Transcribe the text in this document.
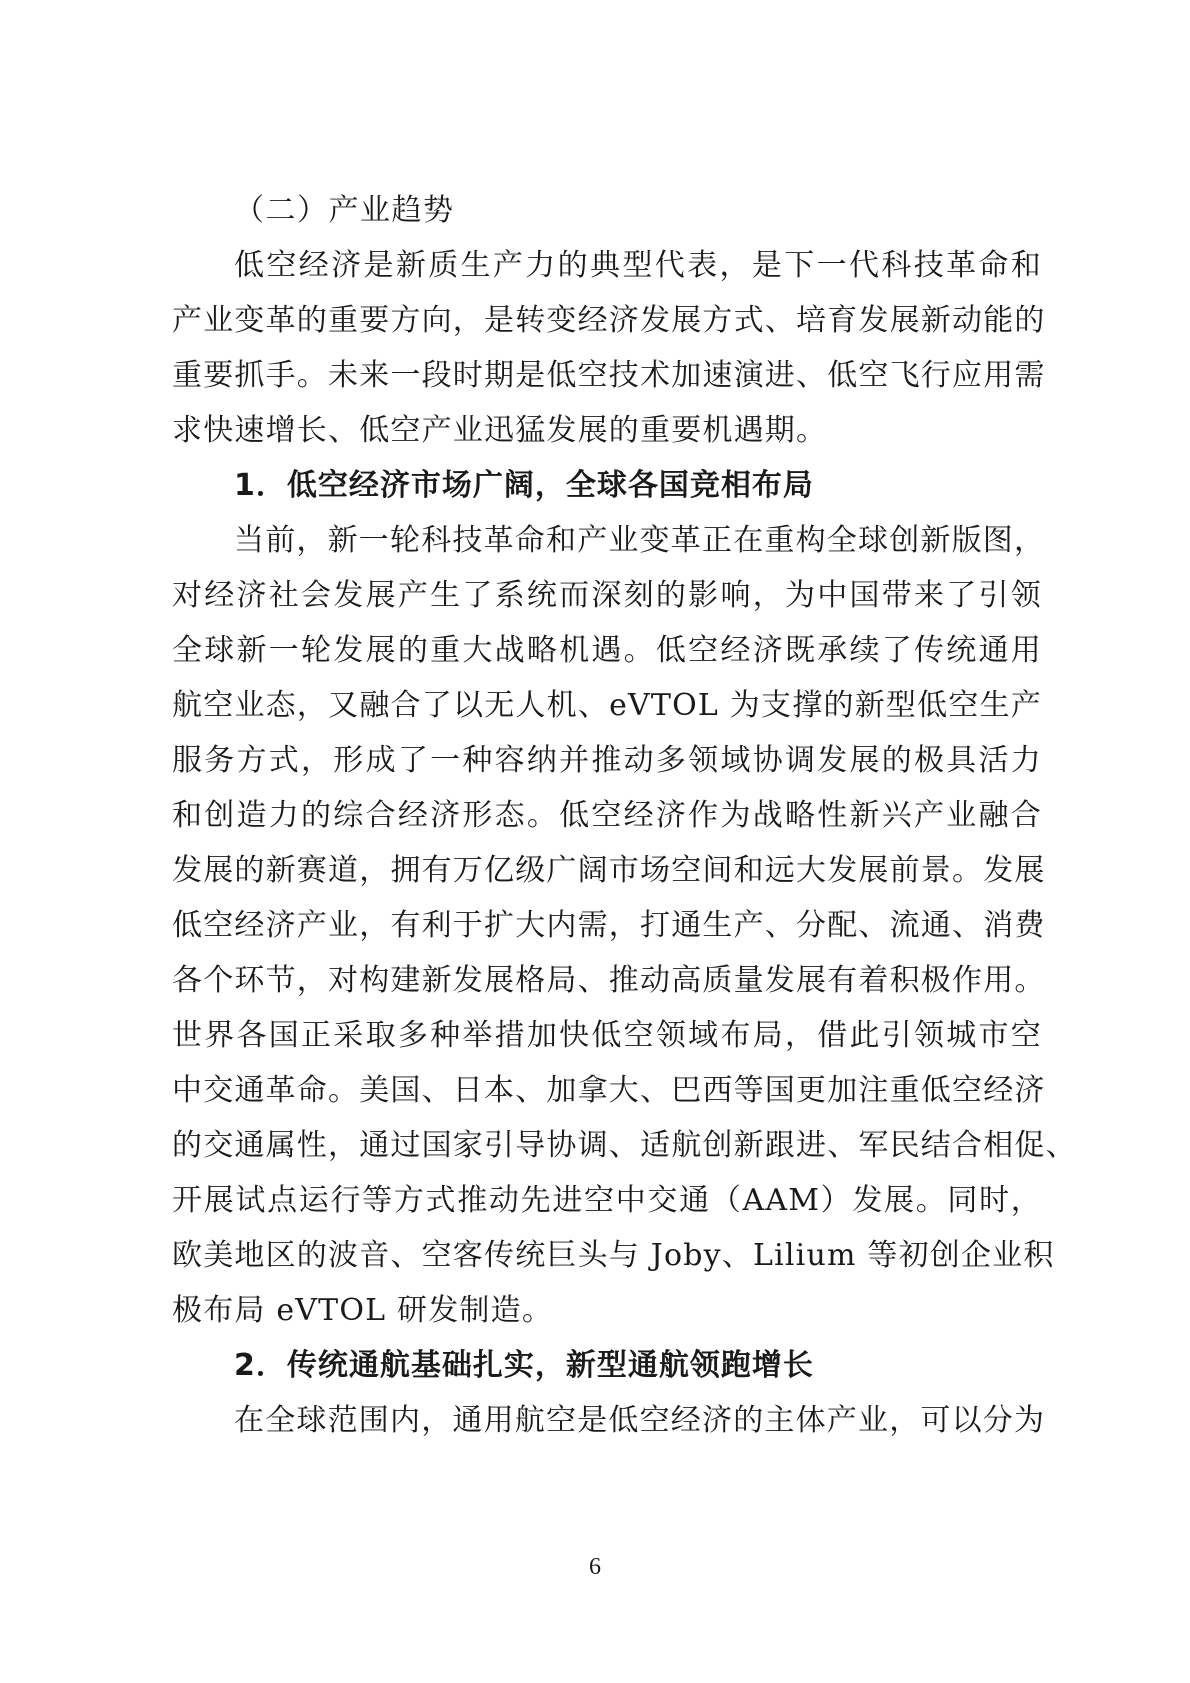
（二）产业趋势
低空经济是新质生产力的典型代表，是下一代科技革命和
产业变革的重要方向，是转变经济发展方式、培育发展新动能的
重要抓手。未来一段时期是低空技术加速演进、低空飞行应用需
求快速增长、低空产业迅猛发展的重要机遇期。
1．低空经济市场广阔，全球各国竞相布局
当前，新一轮科技革命和产业变革正在重构全球创新版图，
对经济社会发展产生了系统而深刻的影响，为中国带来了引领
全球新一轮发展的重大战略机遇。低空经济既承续了传统通用
航空业态，又融合了以无人机、eVTOL 为支撑的新型低空生产
服务方式，形成了一种容纳并推动多领域协调发展的极具活力
和创造力的综合经济形态。低空经济作为战略性新兴产业融合
发展的新赛道，拥有万亿级广阔市场空间和远大发展前景。发展
低空经济产业，有利于扩大内需，打通生产、分配、流通、消费
各个环节，对构建新发展格局、推动高质量发展有着积极作用。
世界各国正采取多种举措加快低空领域布局，借此引领城市空
中交通革命。美国、日本、加拿大、巴西等国更加注重低空经济
的交通属性，通过国家引导协调、适航创新跟进、军民结合相促、
开展试点运行等方式推动先进空中交通（AAM）发展。同时，
欧美地区的波音、空客传统巨头与 Joby、Lilium 等初创企业积
极布局 eVTOL 研发制造。
2．传统通航基础扎实，新型通航领跑增长
在全球范围内，通用航空是低空经济的主体产业，可以分为
6
